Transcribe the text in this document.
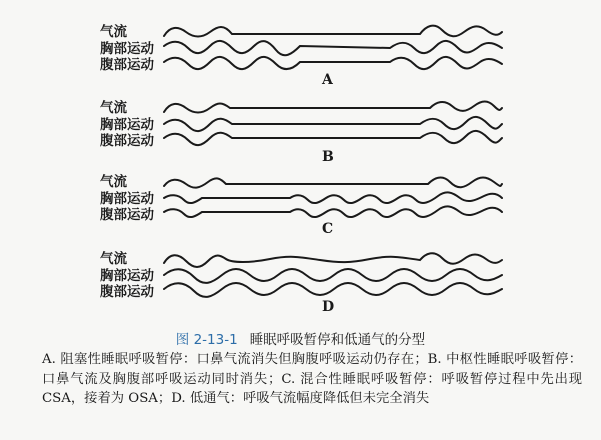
气流
胸部运动
腹部运动
A
气流
胸部运动
腹部运动
B
气流
胸部运动
腹部运动
C
气流
胸部运动
腹部运动
D
图 2-13-1 睡眠呼吸暂停和低通气的分型
A. 阻塞性睡眠呼吸暂停：口鼻气流消失但胸腹呼吸运动仍存在；B. 中枢性睡眠呼吸暂停：口鼻气流及胸腹部呼吸运动同时消失；C. 混合性睡眠呼吸暂停：呼吸暂停过程中先出现 CSA，接着为 OSA；D. 低通气：呼吸气流幅度降低但未完全消失
